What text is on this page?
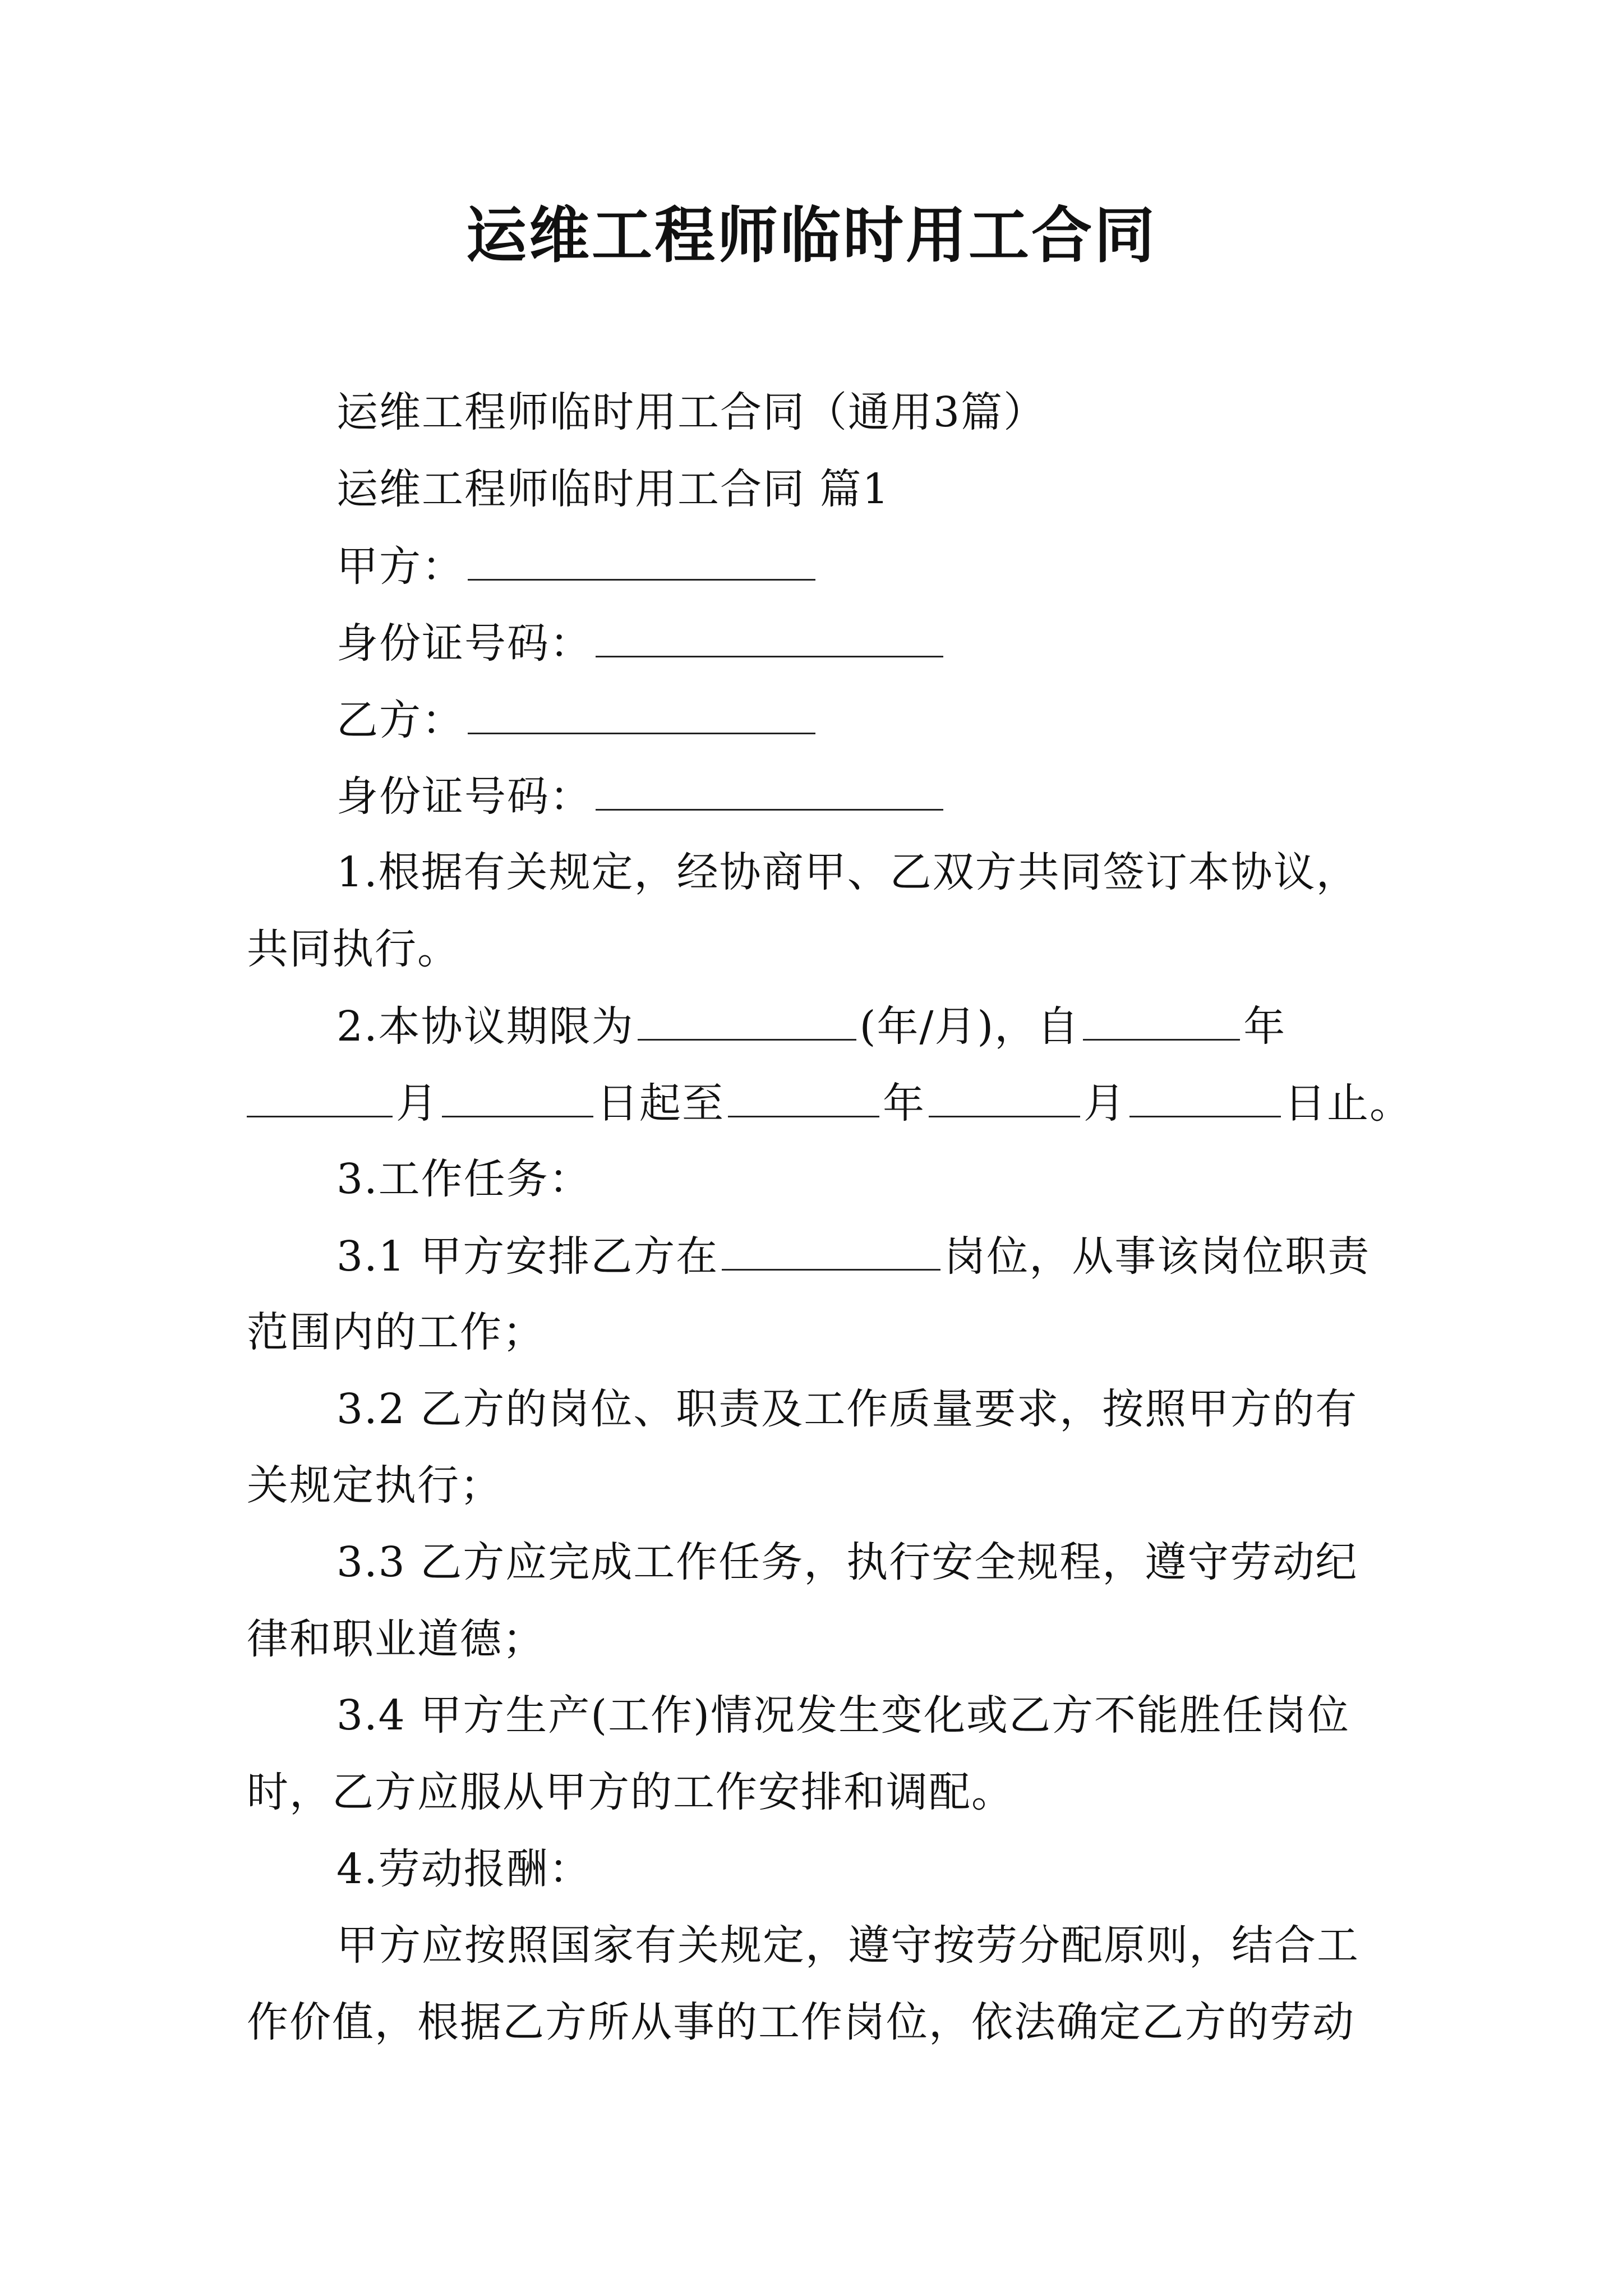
运维工程师临时用工合同
运维工程师临时用工合同（通用3篇）
运维工程师临时用工合同 篇1
甲方：
身份证号码：
乙方：
身份证号码：
1.根据有关规定，经协商甲、乙双方共同签订本协议，
共同执行。
2.本协议期限为	(年/月)，自	年
月	日起至	年	月	日止。
3.工作任务：
3.1 甲方安排乙方在	岗位，从事该岗位职责
范围内的工作；
3.2 乙方的岗位、职责及工作质量要求，按照甲方的有
关规定执行；
3.3 乙方应完成工作任务，执行安全规程，遵守劳动纪
律和职业道德；
3.4 甲方生产(工作)情况发生变化或乙方不能胜任岗位
时，乙方应服从甲方的工作安排和调配。
4.劳动报酬：
甲方应按照国家有关规定，遵守按劳分配原则，结合工
作价值，根据乙方所从事的工作岗位，依法确定乙方的劳动
